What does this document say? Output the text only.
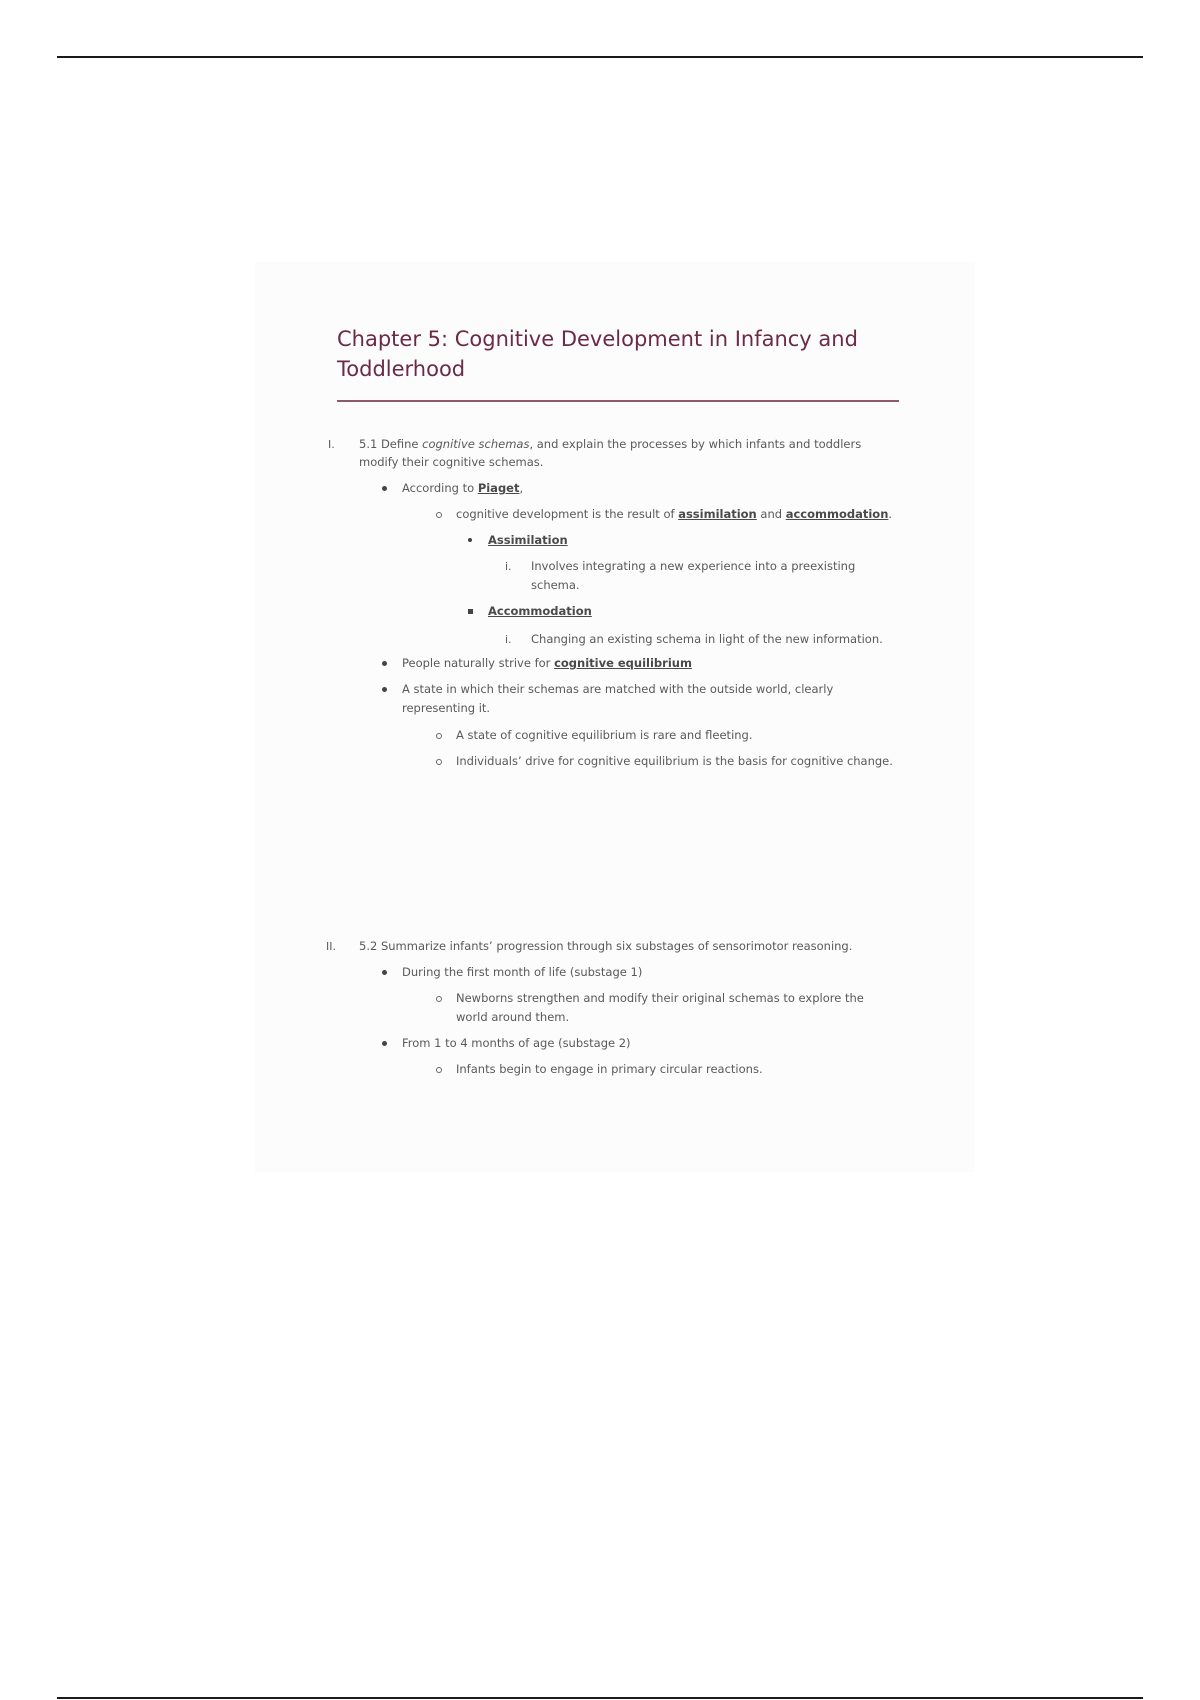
Chapter 5: Cognitive Development in Infancy and Toddlerhood
I. 5.1 Define cognitive schemas, and explain the processes by which infants and toddlers
modify their cognitive schemas.
According to Piaget,
cognitive development is the result of assimilation and accommodation.
Assimilation
i. Involves integrating a new experience into a preexisting schema.
Accommodation
i. Changing an existing schema in light of the new information.
People naturally strive for cognitive equilibrium
A state in which their schemas are matched with the outside world, clearly representing it.
A state of cognitive equilibrium is rare and fleeting.
Individuals’ drive for cognitive equilibrium is the basis for cognitive change.
II. 5.2 Summarize infants’ progression through six substages of sensorimotor reasoning.
During the first month of life (substage 1)
Newborns strengthen and modify their original schemas to explore the world around them.
From 1 to 4 months of age (substage 2)
Infants begin to engage in primary circular reactions.
